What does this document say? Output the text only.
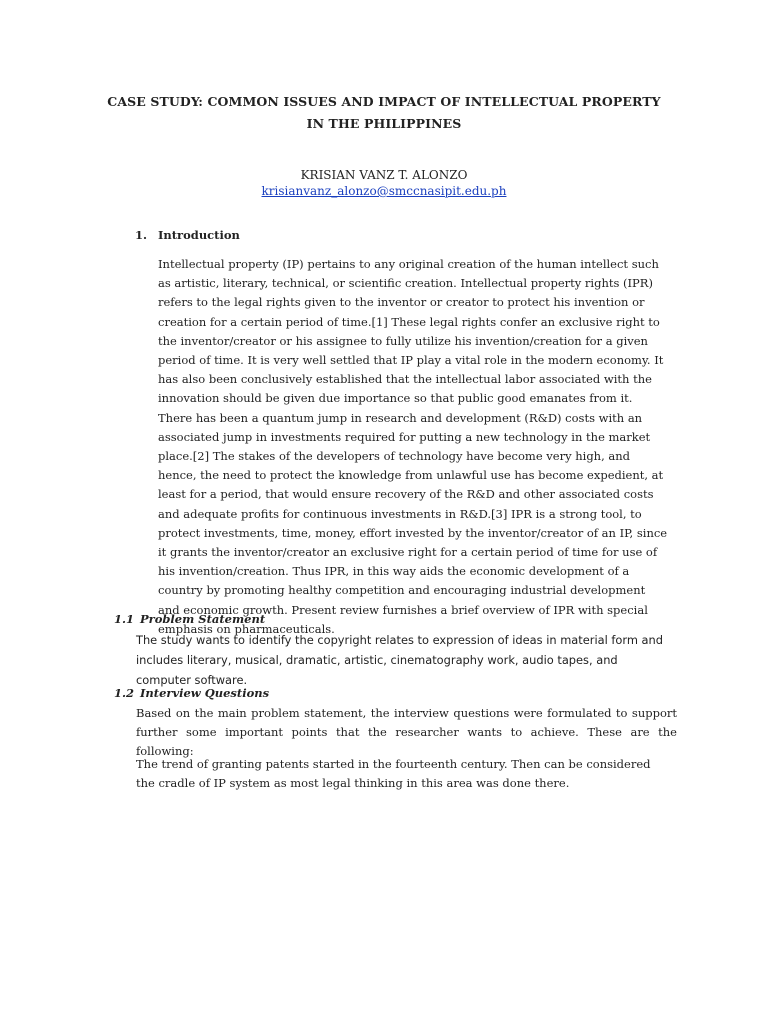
CASE STUDY: COMMON ISSUES AND IMPACT OF INTELLECTUAL PROPERTY IN THE PHILIPPINES
KRISIAN VANZ T. ALONZO
krisianvanz_alonzo@smccnasipit.edu.ph
1. Introduction
Intellectual property (IP) pertains to any original creation of the human intellect such as artistic, literary, technical, or scientific creation. Intellectual property rights (IPR) refers to the legal rights given to the inventor or creator to protect his invention or creation for a certain period of time.[1] These legal rights confer an exclusive right to the inventor/creator or his assignee to fully utilize his invention/creation for a given period of time. It is very well settled that IP play a vital role in the modern economy. It has also been conclusively established that the intellectual labor associated with the innovation should be given due importance so that public good emanates from it. There has been a quantum jump in research and development (R&D) costs with an associated jump in investments required for putting a new technology in the market place.[2] The stakes of the developers of technology have become very high, and hence, the need to protect the knowledge from unlawful use has become expedient, at least for a period, that would ensure recovery of the R&D and other associated costs and adequate profits for continuous investments in R&D.[3] IPR is a strong tool, to protect investments, time, money, effort invested by the inventor/creator of an IP, since it grants the inventor/creator an exclusive right for a certain period of time for use of his invention/creation. Thus IPR, in this way aids the economic development of a country by promoting healthy competition and encouraging industrial development and economic growth. Present review furnishes a brief overview of IPR with special emphasis on pharmaceuticals.
1.1 Problem Statement
The study wants to identify the copyright relates to expression of ideas in material form and includes literary, musical, dramatic, artistic, cinematography work, audio tapes, and computer software.
1.2 Interview Questions
Based on the main problem statement, the interview questions were formulated to support further some important points that the researcher wants to achieve. These are the following:
The trend of granting patents started in the fourteenth century. Then can be considered the cradle of IP system as most legal thinking in this area was done there.
